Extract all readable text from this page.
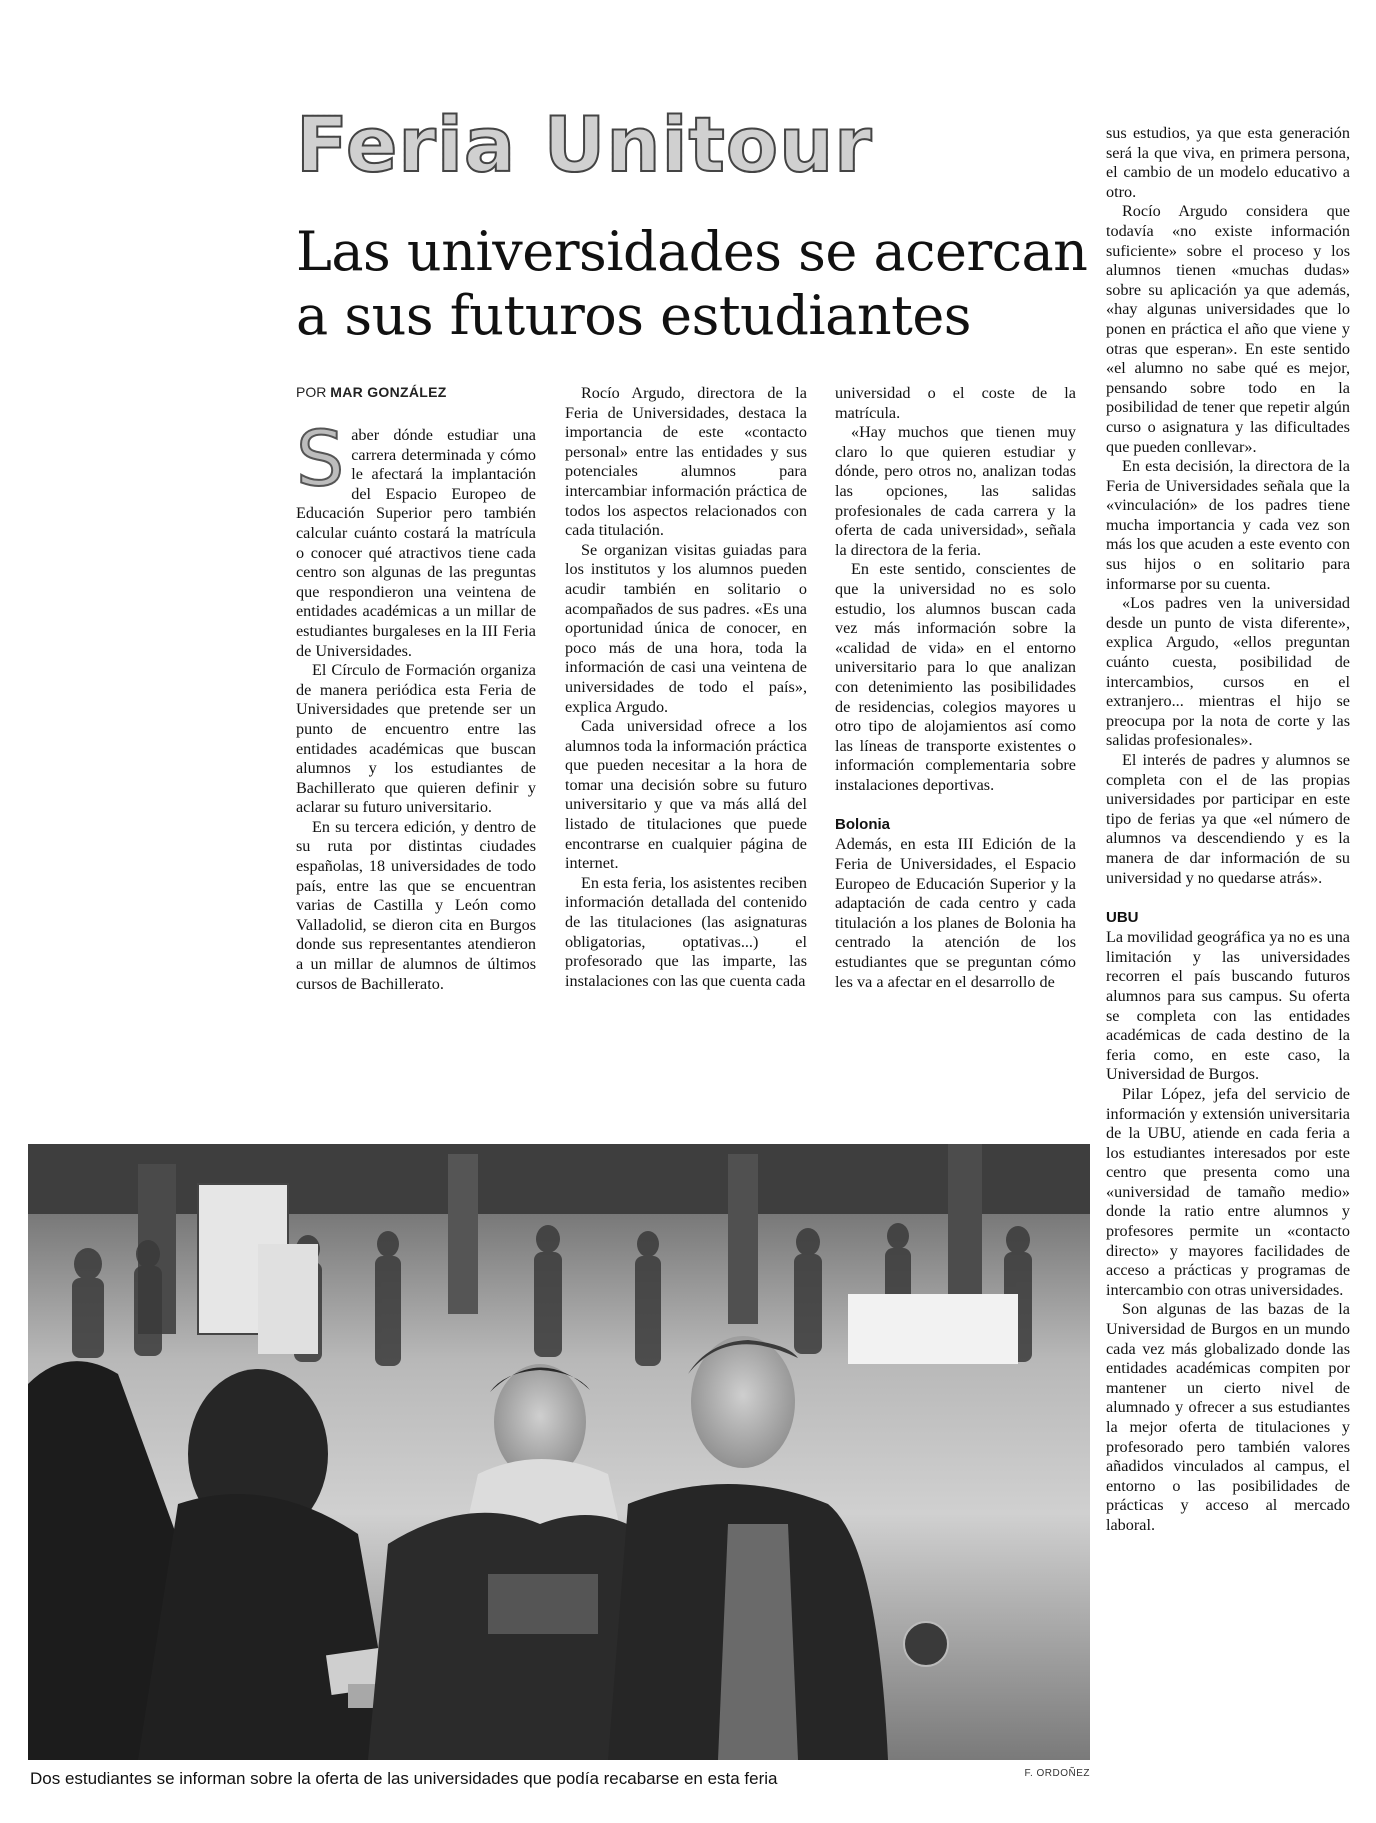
Feria Unitour
Las universidades se acercan
a sus futuros estudiantes
POR MAR GONZÁLEZ

Saber dónde estudiar una carrera determinada y cómo le afectará la implantación del Espacio Europeo de Educación Superior pero también calcular cuánto costará la matrícula o conocer qué atractivos tiene cada centro son algunas de las preguntas que respondieron una veintena de entidades académicas a un millar de estudiantes burgaleses en la III Feria de Universidades.

El Círculo de Formación organiza de manera periódica esta Feria de Universidades que pretende ser un punto de encuentro entre las entidades académicas que buscan alumnos y los estudiantes de Bachillerato que quieren definir y aclarar su futuro universitario.

En su tercera edición, y dentro de su ruta por distintas ciudades españolas, 18 universidades de todo país, entre las que se encuentran varias de Castilla y León como Valladolid, se dieron cita en Burgos donde sus representantes atendieron a un millar de alumnos de últimos cursos de Bachillerato.

Rocío Argudo, directora de la Feria de Universidades, destaca la importancia de este «contacto personal» entre las entidades y sus potenciales alumnos para intercambiar información práctica de todos los aspectos relacionados con cada titulación.

Se organizan visitas guiadas para los institutos y los alumnos pueden acudir también en solitario o acompañados de sus padres. «Es una oportunidad única de conocer, en poco más de una hora, toda la información de casi una veintena de universidades de todo el país», explica Argudo.

Cada universidad ofrece a los alumnos toda la información práctica que pueden necesitar a la hora de tomar una decisión sobre su futuro universitario y que va más allá del listado de titulaciones que puede encontrarse en cualquier página de internet.

En esta feria, los asistentes reciben información detallada del contenido de las titulaciones (las asignaturas obligatorias, optativas...) el profesorado que las imparte, las instalaciones con las que cuenta cada

universidad o el coste de la matrícula.

«Hay muchos que tienen muy claro lo que quieren estudiar y dónde, pero otros no, analizan todas las opciones, las salidas profesionales de cada carrera y la oferta de cada universidad», señala la directora de la feria.

En este sentido, conscientes de que la universidad no es solo estudio, los alumnos buscan cada vez más información sobre la «calidad de vida» en el entorno universitario para lo que analizan con detenimiento las posibilidades de residencias, colegios mayores u otro tipo de alojamientos así como las líneas de transporte existentes o información complementaria sobre instalaciones deportivas.

Bolonia

Además, en esta III Edición de la Feria de Universidades, el Espacio Europeo de Educación Superior y la adaptación de cada centro y cada titulación a los planes de Bolonia ha centrado la atención de los estudiantes que se preguntan cómo les va a afectar en el desarrollo de

sus estudios, ya que esta generación será la que viva, en primera persona, el cambio de un modelo educativo a otro.

Rocío Argudo considera que todavía «no existe información suficiente» sobre el proceso y los alumnos tienen «muchas dudas» sobre su aplicación ya que además, «hay algunas universidades que lo ponen en práctica el año que viene y otras que esperan». En este sentido «el alumno no sabe qué es mejor, pensando sobre todo en la posibilidad de tener que repetir algún curso o asignatura y las dificultades que pueden conllevar».

En esta decisión, la directora de la Feria de Universidades señala que la «vinculación» de los padres tiene mucha importancia y cada vez son más los que acuden a este evento con sus hijos o en solitario para informarse por su cuenta.

«Los padres ven la universidad desde un punto de vista diferente», explica Argudo, «ellos preguntan cuánto cuesta, posibilidad de intercambios, cursos en el extranjero... mientras el hijo se preocupa por la nota de corte y las salidas profesionales».

El interés de padres y alumnos se completa con el de las propias universidades por participar en este tipo de ferias ya que «el número de alumnos va descendiendo y es la manera de dar información de su universidad y no quedarse atrás».

UBU

La movilidad geográfica ya no es una limitación y las universidades recorren el país buscando futuros alumnos para sus campus. Su oferta se completa con las entidades académicas de cada destino de la feria como, en este caso, la Universidad de Burgos.

Pilar López, jefa del servicio de información y extensión universitaria de la UBU, atiende en cada feria a los estudiantes interesados por este centro que presenta como una «universidad de tamaño medio» donde la ratio entre alumnos y profesores permite un «contacto directo» y mayores facilidades de acceso a prácticas y programas de intercambio con otras universidades.

Son algunas de las bazas de la Universidad de Burgos en un mundo cada vez más globalizado donde las entidades académicas compiten por mantener un cierto nivel de alumnado y ofrecer a sus estudiantes la mejor oferta de titulaciones y profesorado pero también valores añadidos vinculados al campus, el entorno o las posibilidades de prácticas y acceso al mercado laboral.

Dos estudiantes se informan sobre la oferta de las universidades que podía recabarse en esta feria	F. ORDOÑEZ
